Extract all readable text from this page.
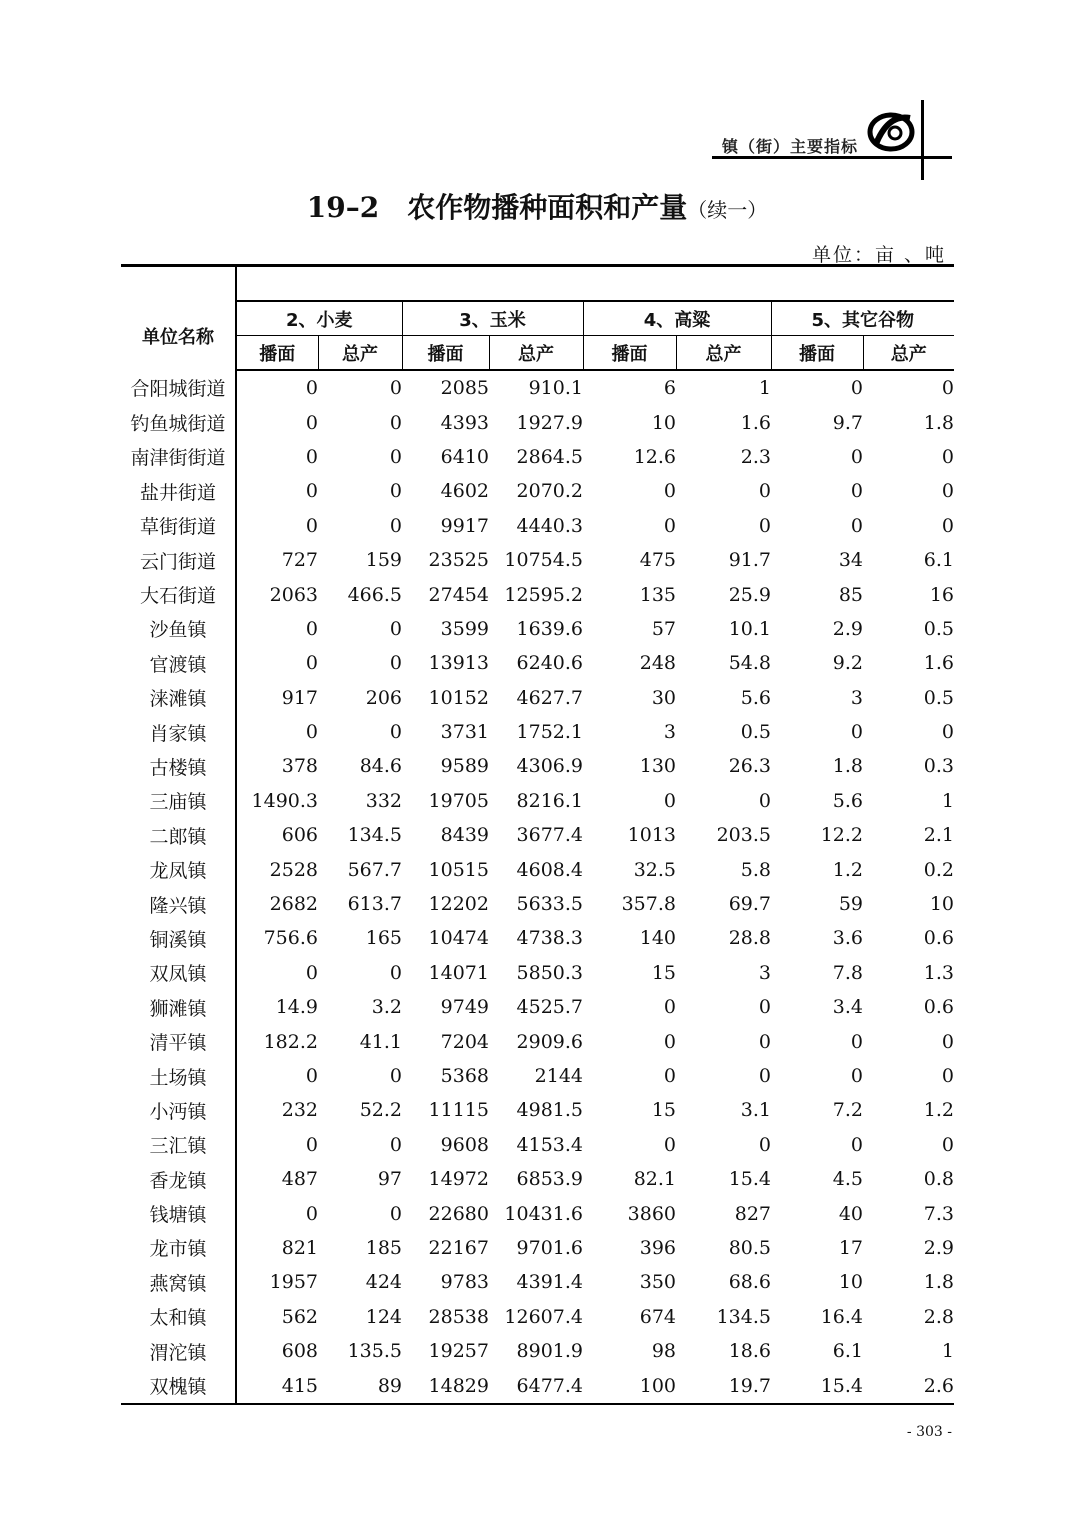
镇（街）主要指标
19–2 农作物播种面积和产量（续一）
单位：亩 、吨

单位名称	2、小麦		3、玉米		4、高粱		5、其它谷物	
	播面	总产	播面	总产	播面	总产	播面	总产
合阳城街道	0	0	2085	910.1	6	1	0	0
钓鱼城街道	0	0	4393	1927.9	10	1.6	9.7	1.8
南津街街道	0	0	6410	2864.5	12.6	2.3	0	0
盐井街道	0	0	4602	2070.2	0	0	0	0
草街街道	0	0	9917	4440.3	0	0	0	0
云门街道	727	159	23525	10754.5	475	91.7	34	6.1
大石街道	2063	466.5	27454	12595.2	135	25.9	85	16
沙鱼镇	0	0	3599	1639.6	57	10.1	2.9	0.5
官渡镇	0	0	13913	6240.6	248	54.8	9.2	1.6
涞滩镇	917	206	10152	4627.7	30	5.6	3	0.5
肖家镇	0	0	3731	1752.1	3	0.5	0	0
古楼镇	378	84.6	9589	4306.9	130	26.3	1.8	0.3
三庙镇	1490.3	332	19705	8216.1	0	0	5.6	1
二郎镇	606	134.5	8439	3677.4	1013	203.5	12.2	2.1
龙凤镇	2528	567.7	10515	4608.4	32.5	5.8	1.2	0.2
隆兴镇	2682	613.7	12202	5633.5	357.8	69.7	59	10
铜溪镇	756.6	165	10474	4738.3	140	28.8	3.6	0.6
双凤镇	0	0	14071	5850.3	15	3	7.8	1.3
狮滩镇	14.9	3.2	9749	4525.7	0	0	3.4	0.6
清平镇	182.2	41.1	7204	2909.6	0	0	0	0
土场镇	0	0	5368	2144	0	0	0	0
小沔镇	232	52.2	11115	4981.5	15	3.1	7.2	1.2
三汇镇	0	0	9608	4153.4	0	0	0	0
香龙镇	487	97	14972	6853.9	82.1	15.4	4.5	0.8
钱塘镇	0	0	22680	10431.6	3860	827	40	7.3
龙市镇	821	185	22167	9701.6	396	80.5	17	2.9
燕窝镇	1957	424	9783	4391.4	350	68.6	10	1.8
太和镇	562	124	28538	12607.4	674	134.5	16.4	2.8
渭沱镇	608	135.5	19257	8901.9	98	18.6	6.1	1
双槐镇	415	89	14829	6477.4	100	19.7	15.4	2.6
- 303 -
